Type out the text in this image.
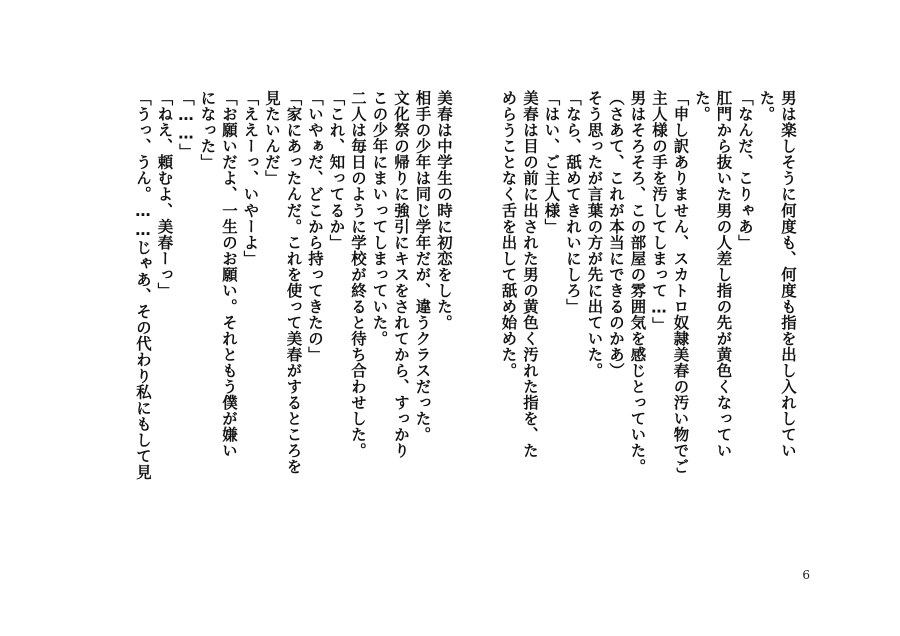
男は楽しそうに何度も、何度も指を出し入れしてい
た。
「なんだ、こりゃあ」
肛門から抜いた男の人差し指の先が黄色くなってい
た。
「申し訳ありません、スカトロ奴隷美春の汚い物でご
主人様の手を汚してしまって…」
男はそろそろ、この部屋の雰囲気を感じとっていた。
（さあて、これが本当にできるのかあ）
そう思ったが言葉の方が先に出ていた。
「なら、舐めてきれいにしろ」
「はい、ご主人様」
美春は目の前に出された男の黄色く汚れた指を、た
めらうことなく舌を出して舐め始めた。
美春は中学生の時に初恋をした。
相手の少年は同じ学年だが、違うクラスだった。
文化祭の帰りに強引にキスをされてから、すっかり
この少年にまいってしまっていた。
二人は毎日のように学校が終ると待ち合わせした。
「これ、知ってるか」
「いやぁだ、どこから持ってきたの」
「家にあったんだ。これを使って美春がするところを
見たいんだ」
「ええーっ、いやーよ」
「お願いだよ、一生のお願い。それともう僕が嫌い
になった」
「……」
「ねえ、頼むよ、美春ーっ」
「うっ、うん。……じゃあ、その代わり私にもして見
6
